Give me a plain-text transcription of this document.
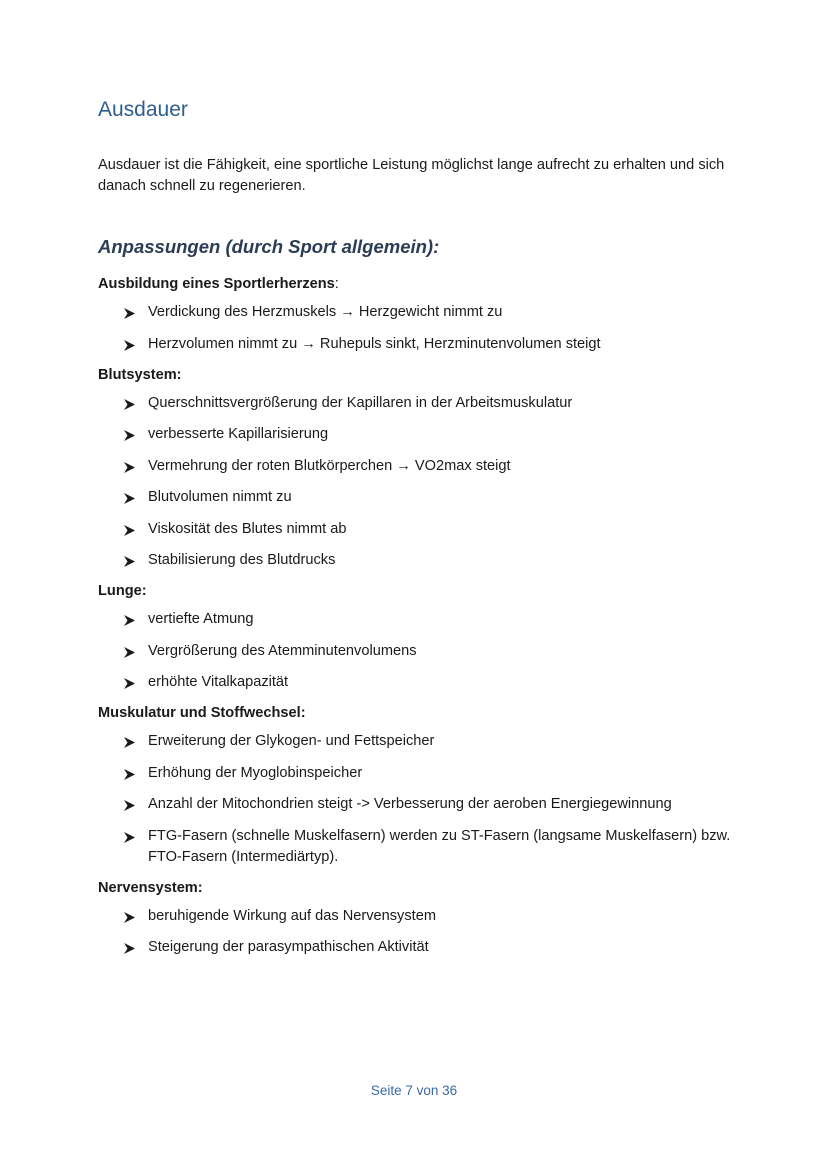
Ausdauer

Ausdauer ist die Fähigkeit, eine sportliche Leistung möglichst lange aufrecht zu erhalten und sich danach schnell zu regenerieren.

Anpassungen (durch Sport allgemein):

Ausbildung eines Sportlerherzens:

Verdickung des Herzmuskels → Herzgewicht nimmt zu
Herzvolumen nimmt zu → Ruhepuls sinkt, Herzminutenvolumen steigt

Blutsystem:

Querschnittsvergrößerung der Kapillaren in der Arbeitsmuskulatur
verbesserte Kapillarisierung
Vermehrung der roten Blutkörperchen → VO2max steigt
Blutvolumen nimmt zu
Viskosität des Blutes nimmt ab
Stabilisierung des Blutdrucks

Lunge:

vertiefte Atmung
Vergrößerung des Atemminutenvolumens
erhöhte Vitalkapazität

Muskulatur und Stoffwechsel:

Erweiterung der Glykogen- und Fettspeicher
Erhöhung der Myoglobinspeicher
Anzahl der Mitochondrien steigt -> Verbesserung der aeroben Energiegewinnung
FTG-Fasern (schnelle Muskelfasern) werden zu ST-Fasern (langsame Muskelfasern) bzw. FTO-Fasern (Intermediärtyp).

Nervensystem:

beruhigende Wirkung auf das Nervensystem
Steigerung der parasympathischen Aktivität
Seite 7 von 36
